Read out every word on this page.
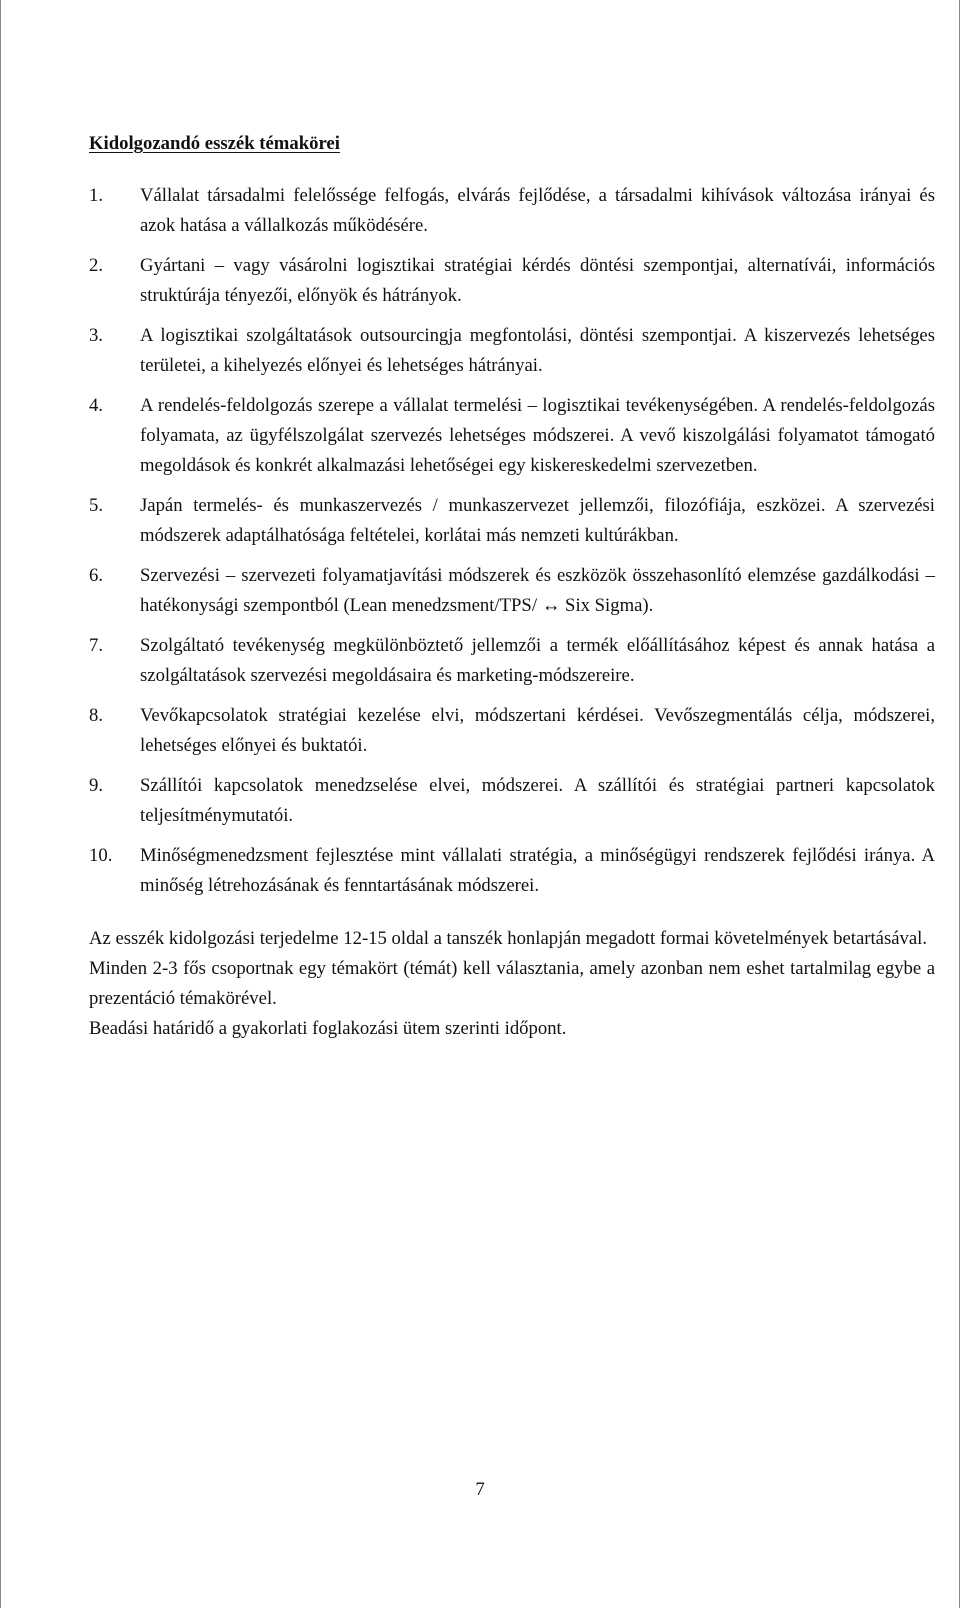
Kidolgozandó esszék témakörei
1. Vállalat társadalmi felelőssége felfogás, elvárás fejlődése, a társadalmi kihívások változása irányai és azok hatása a vállalkozás működésére.
2. Gyártani – vagy vásárolni logisztikai stratégiai kérdés döntési szempontjai, alternatívái, információs struktúrája tényezői, előnyök és hátrányok.
3. A logisztikai szolgáltatások outsourcingja megfontolási, döntési szempontjai. A kiszervezés lehetséges területei, a kihelyezés előnyei és lehetséges hátrányai.
4. A rendelés-feldolgozás szerepe a vállalat termelési – logisztikai tevékenységében. A rendelés-feldolgozás folyamata, az ügyfélszolgálat szervezés lehetséges módszerei. A vevő kiszolgálási folyamatot támogató megoldások és konkrét alkalmazási lehetőségei egy kiskereskedelmi szervezetben.
5. Japán termelés- és munkaszervezés / munkaszervezet jellemzői, filozófiája, eszközei. A szervezési módszerek adaptálhatósága feltételei, korlátai más nemzeti kultúrákban.
6. Szervezési – szervezeti folyamatjavítási módszerek és eszközök összehasonlító elemzése gazdálkodási – hatékonysági szempontból (Lean menedzsment/TPS/ ↔ Six Sigma).
7. Szolgáltató tevékenység megkülönböztető jellemzői a termék előállításához képest és annak hatása a szolgáltatások szervezési megoldásaira és marketing-módszereire.
8. Vevőkapcsolatok stratégiai kezelése elvi, módszertani kérdései. Vevőszegmentálás célja, módszerei, lehetséges előnyei és buktatói.
9. Szállítói kapcsolatok menedzselése elvei, módszerei. A szállítói és stratégiai partneri kapcsolatok teljesítménymutatói.
10. Minőségmenedzsment fejlesztése mint vállalati stratégia, a minőségügyi rendszerek fejlődési iránya. A minőség létrehozásának és fenntartásának módszerei.

Az esszék kidolgozási terjedelme 12-15 oldal a tanszék honlapján megadott formai követelmények betartásával.

Minden 2-3 fős csoportnak egy témakört (témát) kell választania, amely azonban nem eshet tartalmilag egybe a prezentáció témakörével.

Beadási határidő a gyakorlati foglakozási ütem szerinti időpont.

7
